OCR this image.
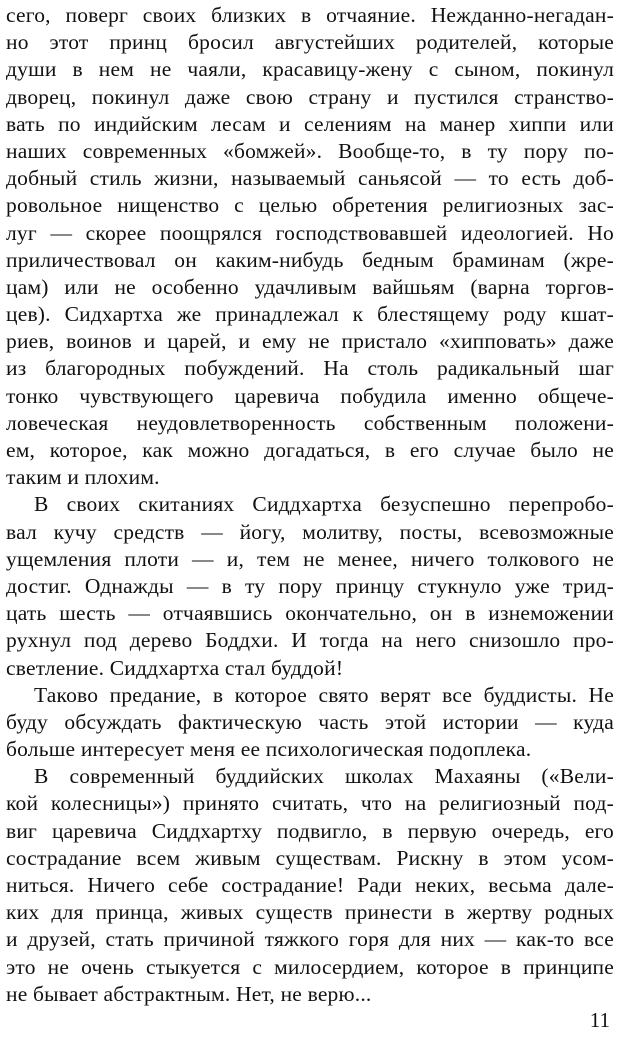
сего, поверг своих близких в отчаяние. Нежданно-негадан-
но этот принц бросил августейших родителей, которые
души в нем не чаяли, красавицу-жену с сыном, покинул
дворец, покинул даже свою страну и пустился странство-
вать по индийским лесам и селениям на манер хиппи или
наших современных «бомжей». Вообще-то, в ту пору по-
добный стиль жизни, называемый саньясой — то есть доб-
ровольное нищенство с целью обретения религиозных зас-
луг — скорее поощрялся господствовавшей идеологией. Но
приличествовал он каким-нибудь бедным браминам (жре-
цам) или не особенно удачливым вайшьям (варна торгов-
цев). Сидхартха же принадлежал к блестящему роду кшат-
риев, воинов и царей, и ему не пристало «хипповать» даже
из благородных побуждений. На столь радикальный шаг
тонко чувствующего царевича побудила именно общече-
ловеческая неудовлетворенность собственным положени-
ем, которое, как можно догадаться, в его случае было не
таким и плохим.
В своих скитаниях Сиддхартха безуспешно перепробо-
вал кучу средств — йогу, молитву, посты, всевозможные
ущемления плоти — и, тем не менее, ничего толкового не
достиг. Однажды — в ту пору принцу стукнуло уже трид-
цать шесть — отчаявшись окончательно, он в изнеможении
рухнул под дерево Боддхи. И тогда на него снизошло про-
светление. Сиддхартха стал буддой!
Таково предание, в которое свято верят все буддисты. Не
буду обсуждать фактическую часть этой истории — куда
больше интересует меня ее психологическая подоплека.
В современный буддийских школах Махаяны («Вели-
кой колесницы») принято считать, что на религиозный под-
виг царевича Сиддхартху подвигло, в первую очередь, его
сострадание всем живым существам. Рискну в этом усом-
ниться. Ничего себе сострадание! Ради неких, весьма дале-
ких для принца, живых существ принести в жертву родных
и друзей, стать причиной тяжкого горя для них — как-то все
это не очень стыкуется с милосердием, которое в принципе
не бывает абстрактным. Нет, не верю...
11
